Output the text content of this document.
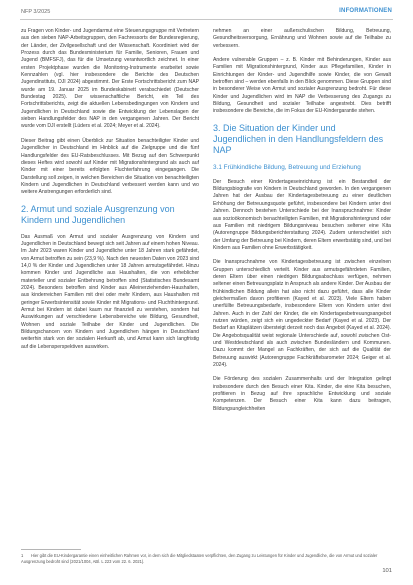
NFP 3/2025	INFORMATIONEN

zu Fragen von Kinder- und Jugendarmut eine Steuerungsgruppe mit Vertretern aus den sieben NAP-Arbeitsgruppen, den Fachressorts der Bundesregierung, der Länder, der Zivilgesellschaft und der Wissenschaft. Koordiniert wird der Prozess durch das Bundesministerium für Familie, Senioren, Frauen und Jugend (BMFSFJ), das für die Umsetzung verantwortlich zeichnet. In einer ersten Projektphase wurden die Monitoring-Instrumente erarbeitet sowie Kennzahlen (vgl. hier insbesondere die Berichte des Deutschen Jugendinstituts, DJI 2024) abgestimmt. Der Erste Fortschrittsbericht zum NAP wurde am 19. Januar 2025 im Bundeskabinett verabschiedet (Deutscher Bundestag 2025). Der wissenschaftliche Bericht, ein Teil des Fortschrittsberichts, zeigt die aktuellen Lebensbedingungen von Kindern und Jugendlichen in Deutschland sowie die Entwicklung der Lebenslagen der sieben Handlungsfelder des NAP in den vergangenen Jahren. Der Bericht wurde vom DJI erstellt (Lüders et al. 2024; Meyer et al. 2024).

Dieser Beitrag gibt einen Überblick zur Situation benachteiligter Kinder und Jugendlicher in Deutschland im Hinblick auf die Zielgruppe und die fünf Handlungsfelder des EU-Ratsbeschlusses. Mit Bezug auf den Schwerpunkt dieses Heftes wird sowohl auf Kinder mit Migrationshintergrund als auch auf Kinder mit einer bereits erfolgten Fluchterfahrung eingegangen. Die Darstellung soll zeigen, in welchen Bereichen die Situation von benachteiligten Kindern und Jugendlichen in Deutschland verbessert werden kann und wo weitere Anstrengungen erforderlich sind.

2. Armut und soziale Ausgrenzung von Kindern und Jugendlichen

Das Ausmaß von Armut und sozialer Ausgrenzung von Kindern und Jugendlichen in Deutschland bewegt sich seit Jahren auf einem hohen Niveau. Im Jahr 2023 waren Kinder und Jugendliche unter 18 Jahren stark gefährdet, von Armut betroffen zu sein (23,9 %). Nach den neuesten Daten von 2023 sind 14,0 % der Kinder und Jugendlichen unter 18 Jahren armutsgefährdet. Hinzu kommen Kinder und Jugendliche aus Haushalten, die von erheblicher materieller und sozialer Entbehrung betroffen sind (Statistisches Bundesamt 2024). Besonders betroffen sind Kinder aus Alleinerziehenden-Haushalten, aus kinderreichen Familien mit drei oder mehr Kindern, aus Haushalten mit geringer Erwerbsintensität sowie Kinder mit Migrations- und Fluchthintergrund. Armut bei Kindern ist dabei kaum nur finanziell zu verstehen, sondern hat Auswirkungen auf verschiedene Lebensbereiche wie Bildung, Gesundheit, Wohnen und soziale Teilhabe der Kinder und Jugendlichen. Die Bildungschancen von Kindern und Jugendlichen hängen in Deutschland weiterhin stark von der sozialen Herkunft ab, und Armut kann sich langfristig auf die Lebensperspektiven auswirken.

nehmen an einer außerschulischen Bildung, Betreuung, Gesundheitsversorgung, Ernährung und Wohnen sowie auf die Teilhabe zu verbessern.

Andere vulnerable Gruppen – z. B. Kinder mit Behinderungen, Kinder aus Familien mit Migrationshintergrund, Kinder aus Pflegefamilien, Kinder in Einrichtungen der Kinder- und Jugendhilfe sowie Kinder, die von Gewalt betroffen sind – werden ebenfalls in den Blick genommen. Diese Gruppen sind in besonderer Weise von Armut und sozialer Ausgrenzung bedroht. Für diese Kinder und Jugendlichen wird im NAP die Verbesserung des Zugangs zu Bildung, Gesundheit und sozialer Teilhabe angestrebt. Dies betrifft insbesondere die Bereiche, die im Fokus der EU-Kindergarantie stehen.

3. Die Situation der Kinder und Jugendlichen in den Handlungsfeldern des NAP
3.1 Frühkindliche Bildung, Betreuung und Erziehung

Der Besuch einer Kindertageseinrichtung ist ein Bestandteil der Bildungsbiografie von Kindern in Deutschland geworden. In den vergangenen Jahren hat der Ausbau der Kindertagesbetreuung zu einer deutlichen Erhöhung der Betreuungsquote geführt, insbesondere bei Kindern unter drei Jahren. Dennoch bestehen Unterschiede bei der Inanspruchnahme: Kinder aus sozioökonomisch benachteiligten Familien, mit Migrationshintergrund oder aus Familien mit niedrigem Bildungsniveau besuchen seltener eine Kita (Autorengruppe Bildungsberichterstattung 2024). Zudem unterscheidet sich der Umfang der Betreuung bei Kindern, deren Eltern erwerbstätig sind, und bei Kindern aus Familien ohne Erwerbstätigkeit.

Die Inanspruchnahme von Kindertagesbetreuung ist zwischen einzelnen Gruppen unterschiedlich verteilt. Kinder aus armutsgefährdeten Familien, deren Eltern über einen niedrigen Bildungsabschluss verfügen, nehmen seltener einen Betreuungsplatz in Anspruch als andere Kinder. Der Ausbau der frühkindlichen Bildung allein hat also nicht dazu geführt, dass alle Kinder gleichermaßen davon profitieren (Kayed et al. 2023). Viele Eltern haben unerfüllte Betreuungsbedarfe, insbesondere Eltern von Kindern unter drei Jahren. Auch in der Zahl der Kinder, die ein Kindertagesbetreuungsangebot nutzen würden, zeigt sich ein ungedeckter Bedarf (Kayed et al. 2023). Der Bedarf an Kitaplätzen übersteigt derzeit noch das Angebot (Kayed et al. 2024). Die Angebotsqualität weist regionale Unterschiede auf, sowohl zwischen Ost- und Westdeutschland als auch zwischen Bundesländern und Kommunen. Dazu kommt der Mangel an Fachkräften, der sich auf die Qualität der Betreuung auswirkt (Autorengruppe Fachkräftebarometer 2024; Geiger et al. 2024).

Die Förderung des sozialen Zusammenhalts und der Integration gelingt insbesondere durch den Besuch einer Kita. Kinder, die eine Kita besuchen, profitieren in Bezug auf ihre sprachliche Entwicklung und soziale Kompetenzen. Der Besuch einer Kita kann dazu beitragen, Bildungsungleichheiten

1 Hier gibt die EU-Kindergarantie einen einheitlichen Rahmen vor, in dem sich die Mitgliedstaaten verpflichten, den Zugang zu Leistungen für Kinder und Jugendliche, die von Armut und sozialer Ausgrenzung bedroht sind (2021/1004, ABl. L 223 vom 22. 6. 2021).
101
